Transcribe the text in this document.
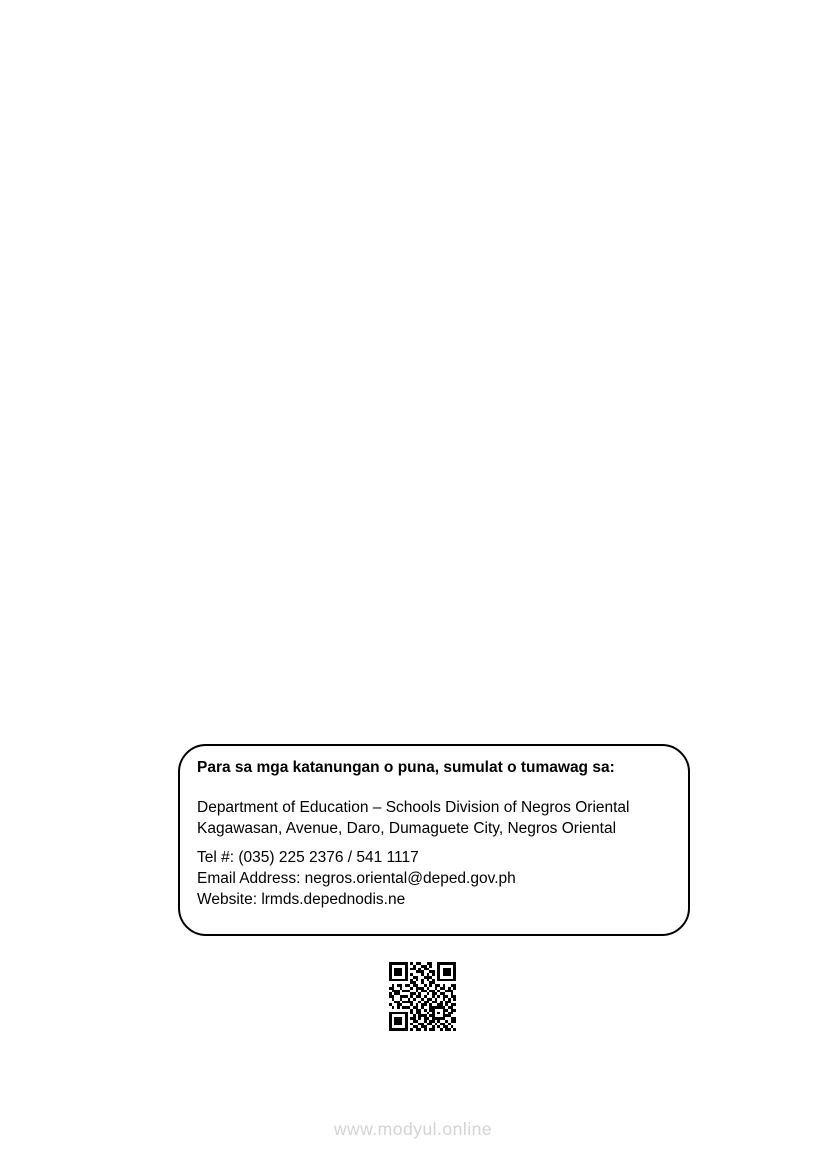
Para sa mga katanungan o puna, sumulat o tumawag sa:

Department of Education – Schools Division of Negros Oriental

Kagawasan, Avenue, Daro, Dumaguete City, Negros Oriental

Tel #: (035) 225 2376 / 541 1117

Email Address: negros.oriental@deped.gov.ph

Website: lrmds.depednodis.ne

www.modyul.online
